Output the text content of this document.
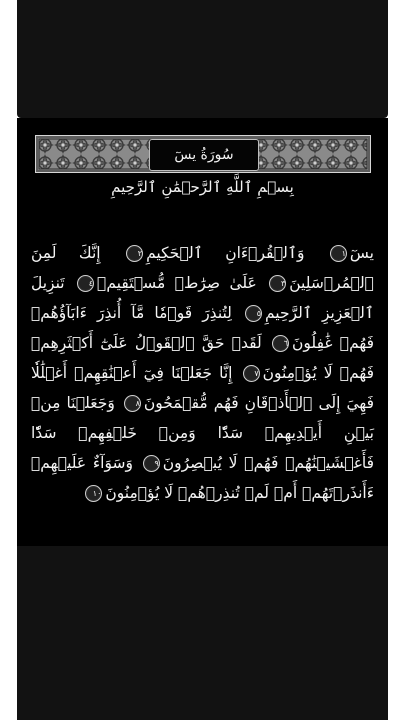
سُورَةُ يسٓ
بِسۡمِ ٱللَّهِ ٱلرَّحۡمَٰنِ ٱلرَّحِيمِ
يسٓ١ وَٱلۡقُرۡءَانِ ٱلۡحَكِيمِ٢ إِنَّكَ لَمِنَ ٱلۡمُرۡسَلِينَ٣ عَلَىٰ صِرَٰطٖ مُّسۡتَقِيمٖ٤ تَنزِيلَ ٱلۡعَزِيزِ ٱلرَّحِيمِ٥ لِتُنذِرَ قَوۡمٗا مَّآ أُنذِرَ ءَابَآؤُهُمۡ فَهُمۡ غَٰفِلُونَ٦ لَقَدۡ حَقَّ ٱلۡقَوۡلُ عَلَىٰٓ أَكۡثَرِهِمۡ فَهُمۡ لَا يُؤۡمِنُونَ٧ إِنَّا جَعَلۡنَا فِيٓ أَعۡنَٰقِهِمۡ أَغۡلَٰلٗا فَهِيَ إِلَى ٱلۡأَذۡقَانِ فَهُم مُّقۡمَحُونَ٨ وَجَعَلۡنَا مِنۢ بَيۡنِ أَيۡدِيهِمۡ سَدّٗا وَمِنۡ خَلۡفِهِمۡ سَدّٗا فَأَغۡشَيۡنَٰهُمۡ فَهُمۡ لَا يُبۡصِرُونَ٩ وَسَوَآءٌ عَلَيۡهِمۡ ءَأَنذَرۡتَهُمۡ أَمۡ لَمۡ تُنذِرۡهُمۡ لَا يُؤۡمِنُونَ١٠
